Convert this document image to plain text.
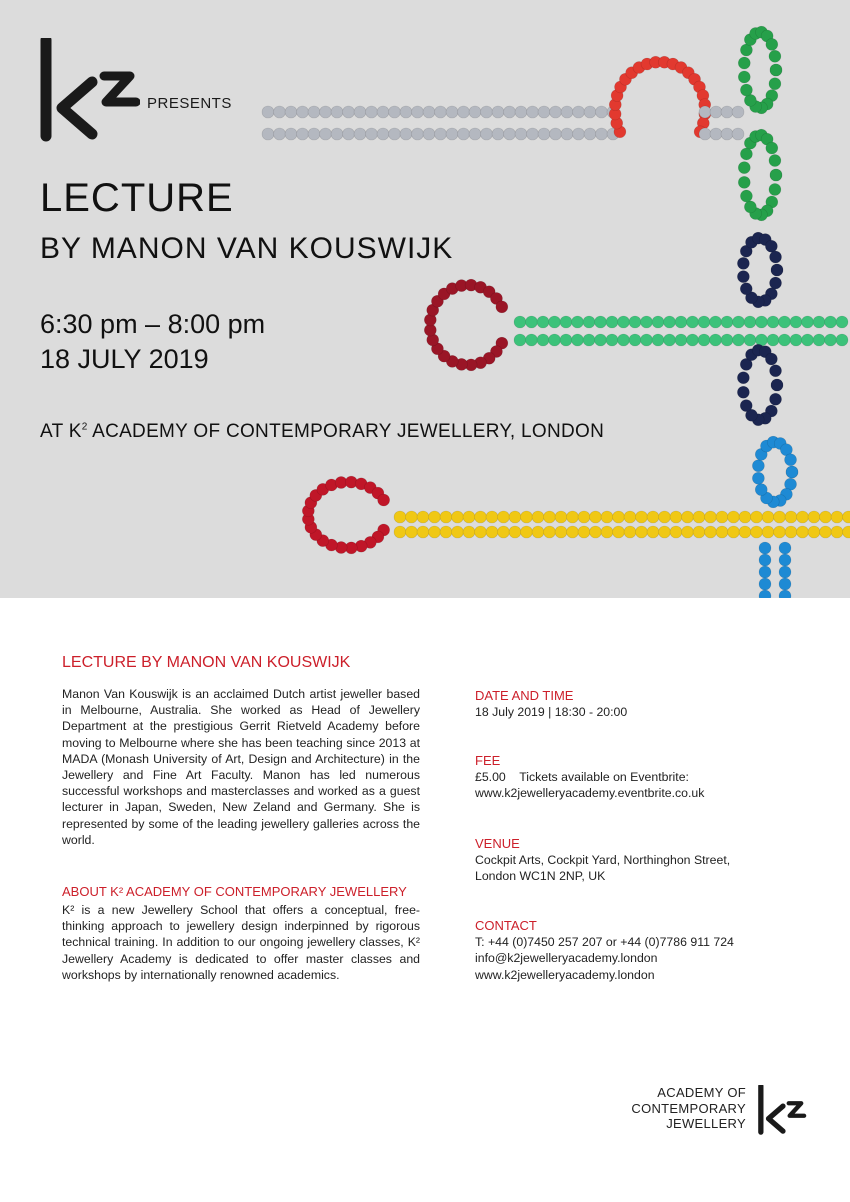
PRESENTS
LECTURE
BY MANON VAN KOUSWIJK
6:30 pm – 8:00 pm
18 JULY 2019
AT $K^2$ ACADEMY OF CONTEMPORARY JEWELLERY, LONDON
LECTURE BY MANON VAN KOUSWIJK
Manon Van Kouswijk is an acclaimed Dutch artist jeweller based in Melbourne, Australia. She worked as Head of Jewellery Department at the prestigious Gerrit Rietveld Academy before moving to Melbourne where she has been teaching since 2013 at MADA (Monash University of Art, Design and Architecture) in the Jewellery and Fine Art Faculty. Manon has led numerous successful workshops and masterclasses and worked as a guest lecturer in Japan, Sweden, New Zeland and Germany. She is represented by some of the leading jewellery galleries across the world.
ABOUT K² ACADEMY OF CONTEMPORARY JEWELLERY
K² is a new Jewellery School that offers a conceptual, free-thinking approach to jewellery design inderpinned by rigorous technical training. In addition to our ongoing jewellery classes, K² Jewellery Academy is dedicated to offer master classes and workshops by internationally renowned academics.
DATE AND TIME
18 July 2019 | 18:30 - 20:00
FEE
£5.00    Tickets available on Eventbrite:
www.k2jewelleryacademy.eventbrite.co.uk
VENUE
Cockpit Arts, Cockpit Yard, Northinghon Street,
London WC1N 2NP, UK
CONTACT
T: +44 (0)7450 257 207 or +44 (0)7786 911 724
info@k2jewelleryacademy.london
www.k2jewelleryacademy.london
ACADEMY OF
CONTEMPORARY
JEWELLERY
